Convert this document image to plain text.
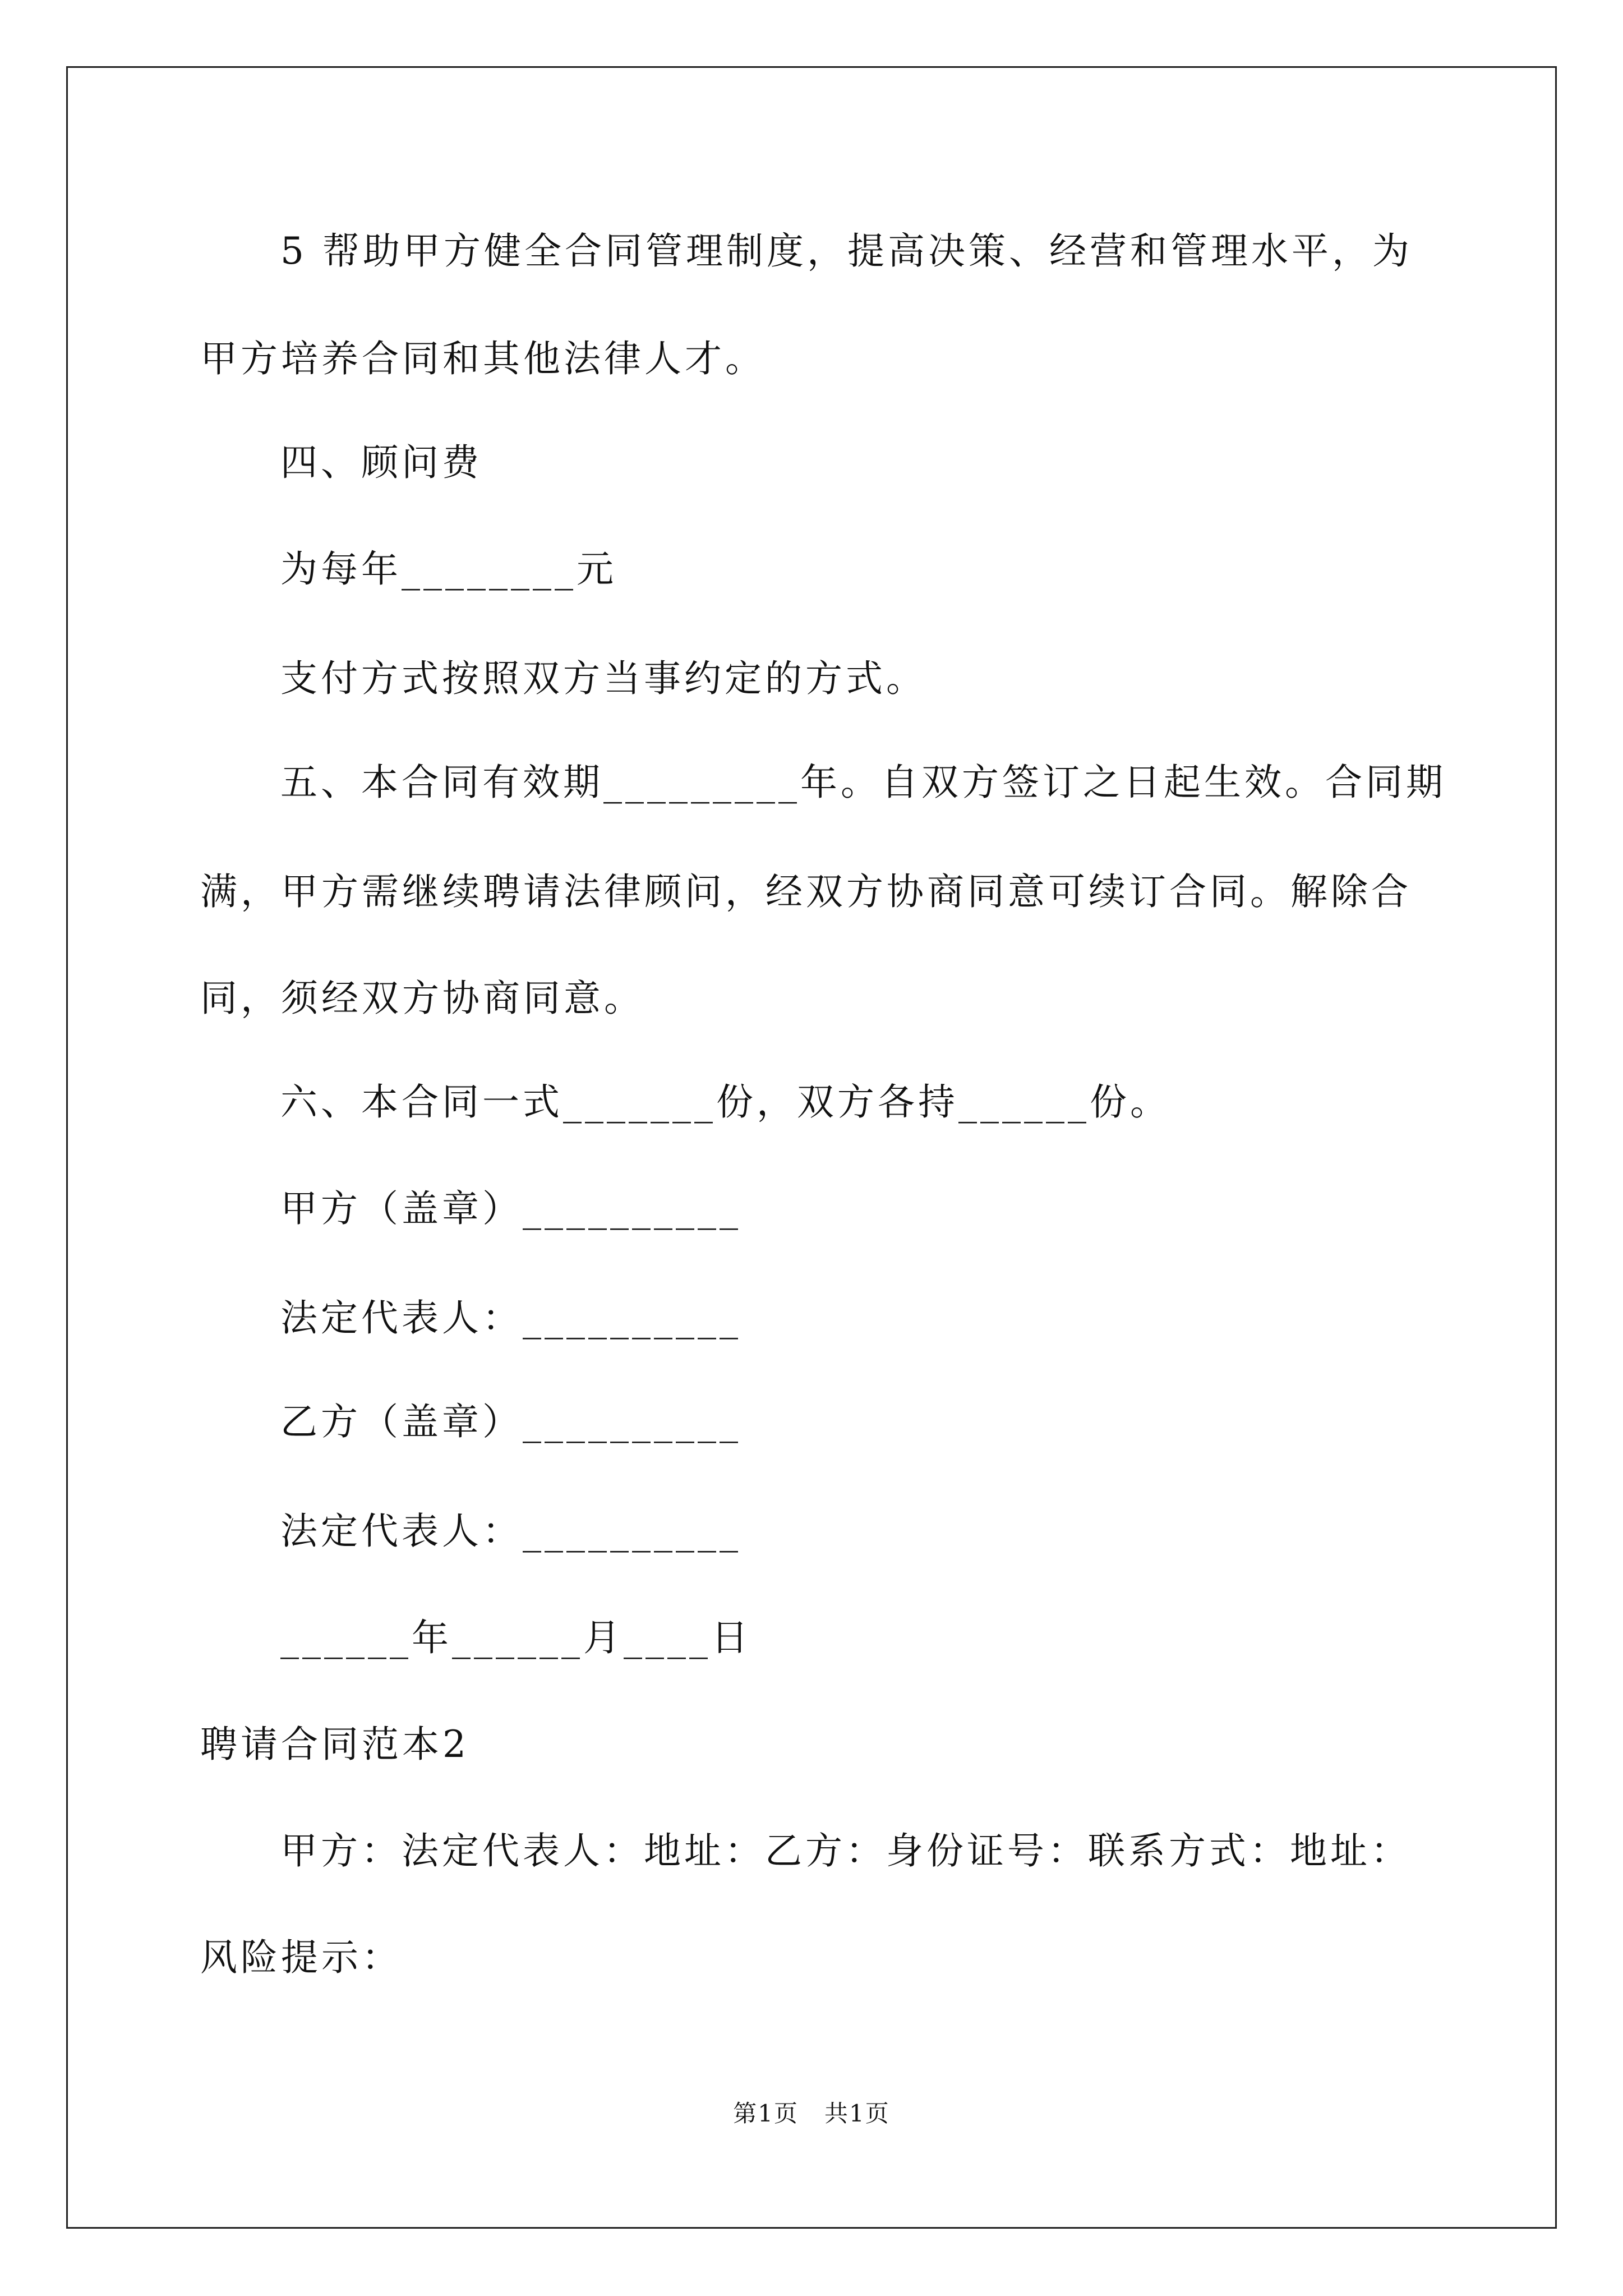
5 帮助甲方健全合同管理制度，提高决策、经营和管理水平，为
甲方培养合同和其他法律人才。
四、顾问费
为每年________元
支付方式按照双方当事约定的方式。
五、本合同有效期_________年。自双方签订之日起生效。合同期
满，甲方需继续聘请法律顾问，经双方协商同意可续订合同。解除合
同，须经双方协商同意。
六、本合同一式_______份，双方各持______份。
甲方（盖章）__________
法定代表人：__________
乙方（盖章）__________
法定代表人：__________
______年______月____日
聘请合同范本2
甲方：法定代表人：地址：乙方：身份证号：联系方式：地址：
风险提示：
第1页   共1页
